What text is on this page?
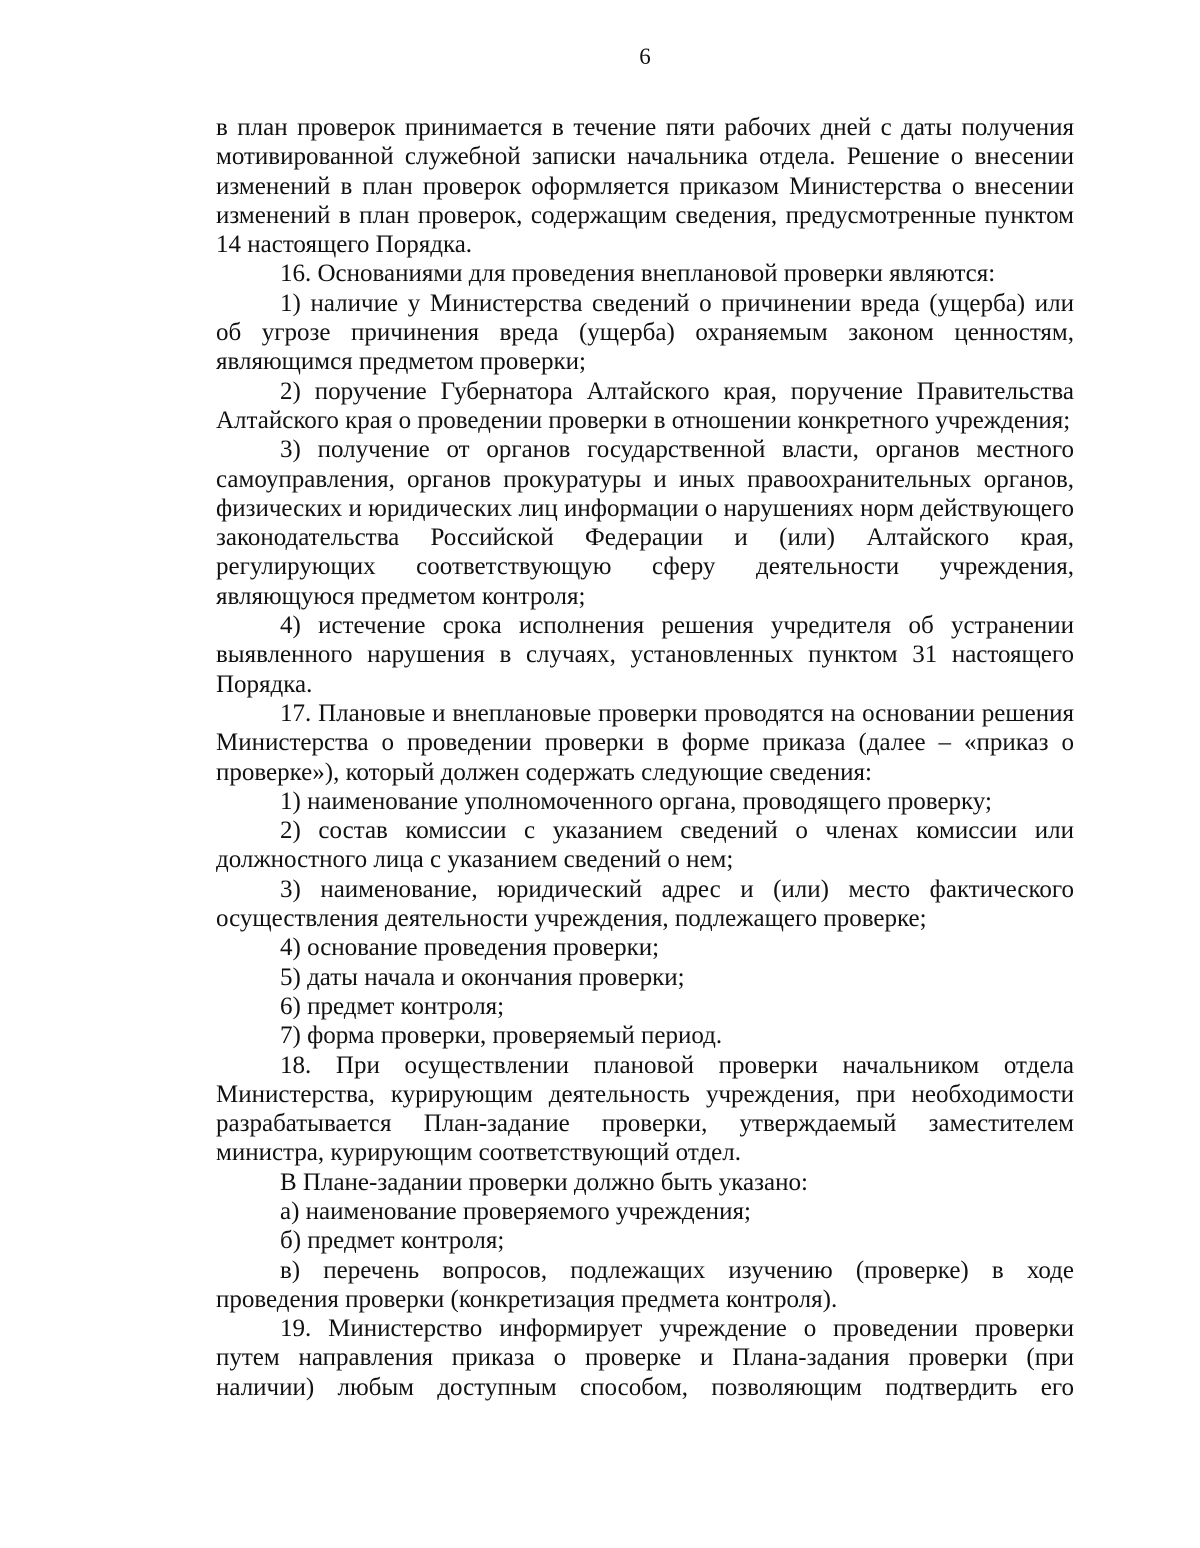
6

в план проверок принимается в течение пяти рабочих дней с даты получения мотивированной служебной записки начальника отдела. Решение о внесении изменений в план проверок оформляется приказом Министерства о внесении изменений в план проверок, содержащим сведения, предусмотренные пунктом 14 настоящего Порядка.

16. Основаниями для проведения внеплановой проверки являются:

1) наличие у Министерства сведений о причинении вреда (ущерба) или об угрозе причинения вреда (ущерба) охраняемым законом ценностям, являющимся предметом проверки;

2) поручение Губернатора Алтайского края, поручение Правительства Алтайского края о проведении проверки в отношении конкретного учреждения;

3) получение от органов государственной власти, органов местного самоуправления, органов прокуратуры и иных правоохранительных органов, физических и юридических лиц информации о нарушениях норм действующего законодательства Российской Федерации и (или) Алтайского края, регулирующих соответствующую сферу деятельности учреждения, являющуюся предметом контроля;

4) истечение срока исполнения решения учредителя об устранении выявленного нарушения в случаях, установленных пунктом 31 настоящего Порядка.

17. Плановые и внеплановые проверки проводятся на основании решения Министерства о проведении проверки в форме приказа (далее – «приказ о проверке»), который должен содержать следующие сведения:

1) наименование уполномоченного органа, проводящего проверку;

2) состав комиссии с указанием сведений о членах комиссии или должностного лица с указанием сведений о нем;

3) наименование, юридический адрес и (или) место фактического осуществления деятельности учреждения, подлежащего проверке;

4) основание проведения проверки;

5) даты начала и окончания проверки;

6) предмет контроля;

7) форма проверки, проверяемый период.

18. При осуществлении плановой проверки начальником отдела Министерства, курирующим деятельность учреждения, при необходимости разрабатывается План-задание проверки, утверждаемый заместителем министра, курирующим соответствующий отдел.

В Плане-задании проверки должно быть указано:

а) наименование проверяемого учреждения;

б) предмет контроля;

в) перечень вопросов, подлежащих изучению (проверке) в ходе проведения проверки (конкретизация предмета контроля).

19. Министерство информирует учреждение о проведении проверки путем направления приказа о проверке и Плана-задания проверки (при наличии) любым доступным способом, позволяющим подтвердить его
